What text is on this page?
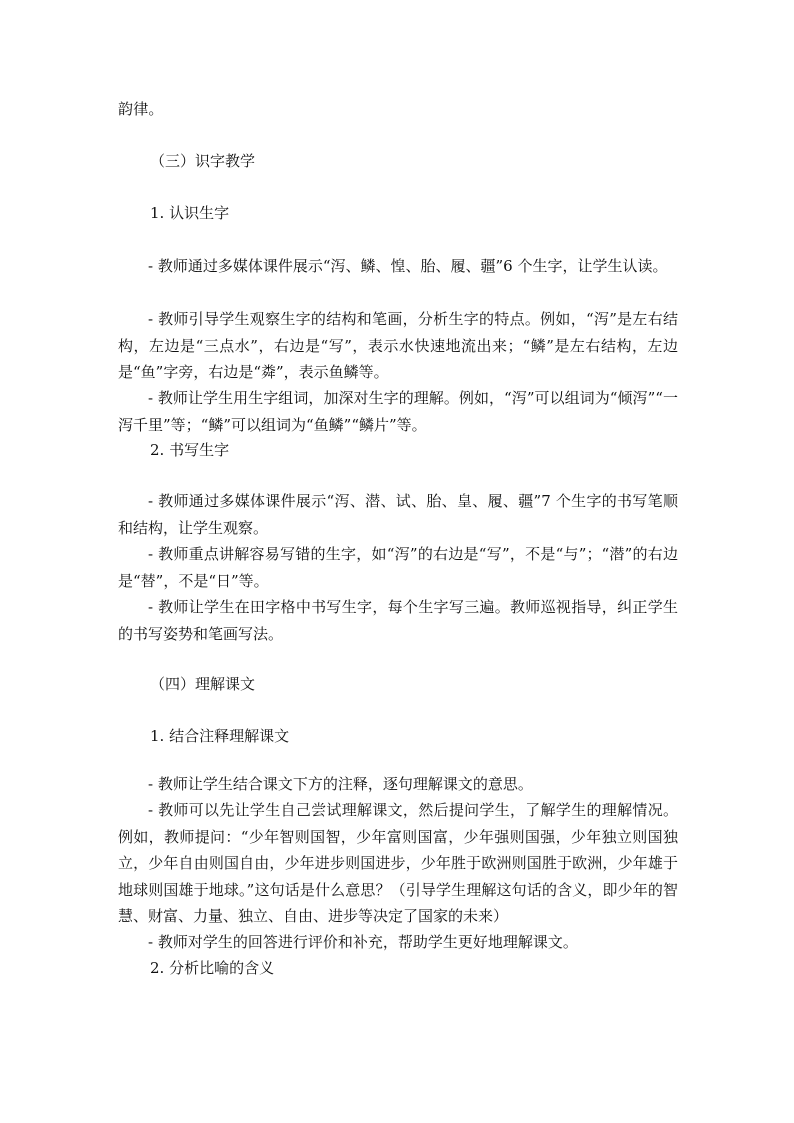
韵律。
（三）识字教学
1. 认识生字
- 教师通过多媒体课件展示“泻、鳞、惶、胎、履、疆”6 个生字，让学生认读。
- 教师引导学生观察生字的结构和笔画，分析生字的特点。例如，“泻”是左右结构，左边是“三点水”，右边是“写”，表示水快速地流出来；“鳞”是左右结构，左边是“鱼”字旁，右边是“粦”，表示鱼鳞等。
- 教师让学生用生字组词，加深对生字的理解。例如，“泻”可以组词为“倾泻”“一泻千里”等；“鳞”可以组词为“鱼鳞”“鳞片”等。
2. 书写生字
- 教师通过多媒体课件展示“泻、潜、试、胎、皇、履、疆”7 个生字的书写笔顺和结构，让学生观察。
- 教师重点讲解容易写错的生字，如“泻”的右边是“写”，不是“与”；“潜”的右边是“替”，不是“日”等。
- 教师让学生在田字格中书写生字，每个生字写三遍。教师巡视指导，纠正学生的书写姿势和笔画写法。
（四）理解课文
1. 结合注释理解课文
- 教师让学生结合课文下方的注释，逐句理解课文的意思。
- 教师可以先让学生自己尝试理解课文，然后提问学生，了解学生的理解情况。例如，教师提问：“少年智则国智，少年富则国富，少年强则国强，少年独立则国独立，少年自由则国自由，少年进步则国进步，少年胜于欧洲则国胜于欧洲，少年雄于地球则国雄于地球。”这句话是什么意思？（引导学生理解这句话的含义，即少年的智慧、财富、力量、独立、自由、进步等决定了国家的未来）
- 教师对学生的回答进行评价和补充，帮助学生更好地理解课文。
2. 分析比喻的含义
